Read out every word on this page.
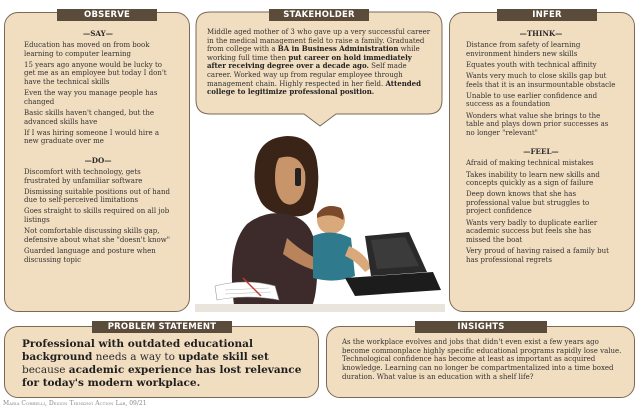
OBSERVE
—SAY—
Education has moved on from book learning to computer learning
15 years ago anyone would be lucky to get me as an employee but today I don't have the technical skills
Even the way you manage people has changed
Basic skills haven't changed, but the advanced skills have
If I was hiring someone I would hire a new graduate over me
—DO—
Discomfort with technology, gets frustrated by unfamiliar software
Dismissing suitable positions out of hand due to self-perceived limitations
Goes straight to skills required on all job listings
Not comfortable discussing skills gap, defensive about what she "doesn't know"
Guarded language and posture when discussing topic
STAKEHOLDER
Middle aged mother of 3 who gave up a very successful career in the medical management field to raise a family. Graduated from college with a BA in Business Administration while working full time then put career on hold immediately after receiving degree over a decade ago. Self made career. Worked way up from regular employee through management chain. Highly respected in her field. Attended college to legitimize professional position.
INFER
—THINK—
Distance from safety of learning environment hinders new skills
Equates youth with technical affinity
Wants very much to close skills gap but feels that it is an insurmountable obstacle
Unable to use earlier confidence and success as a foundation
Wonders what value she brings to the table and plays down prior successes as no longer "relevant"
—FEEL—
Afraid of making technical mistakes
Takes inability to learn new skills and concepts quickly as a sign of failure
Deep down knows that she has professional value but struggles to project confidence
Wants very badly to duplicate earlier academic success but feels she has missed the boat
Very proud of having raised a family but has professional regrets
PROBLEM STATEMENT
Professional with outdated educational background needs a way to update skill set because academic experience has lost relevance for today's modern workplace.
INSIGHTS
As the workplace evolves and jobs that didn't even exist a few years ago become commonplace highly specific educational programs rapidly lose value. Technological confidence has become at least as important as acquired knowledge. Learning can no longer be compartmentalized into a time boxed duration. What value is an education with a shelf life?
Maria Corbelli, Design Thinking Action Lab, 09/21
